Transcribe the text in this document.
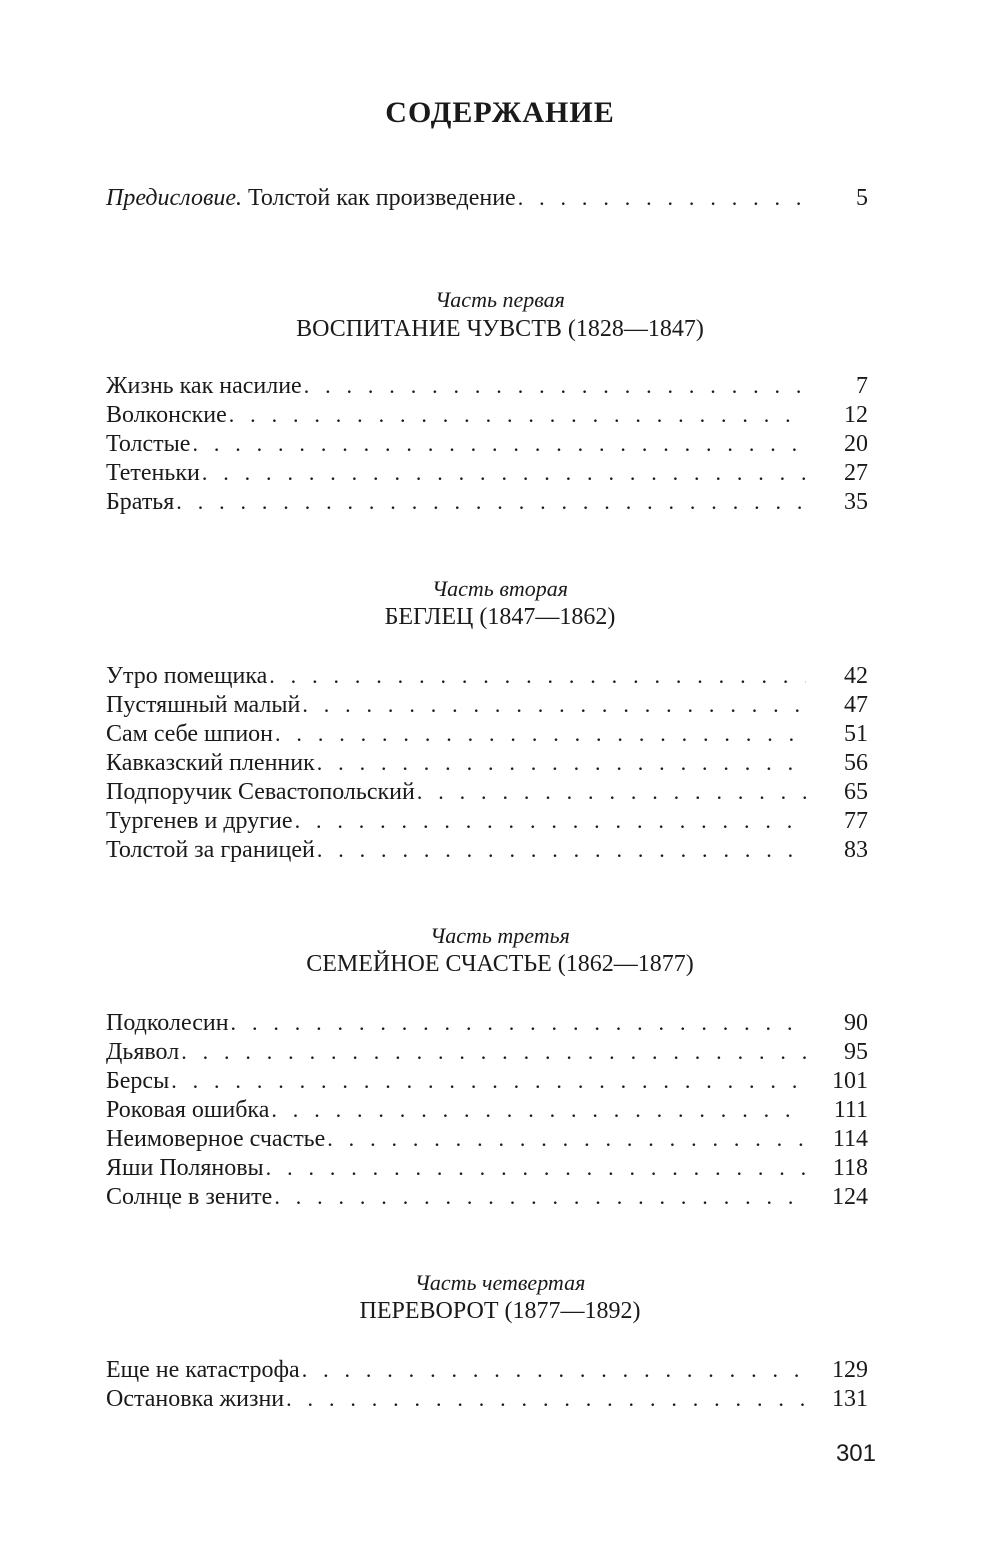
СОДЕРЖАНИЕ
Предисловие. Толстой как произведение . . .	5
Часть первая
ВОСПИТАНИЕ ЧУВСТВ (1828—1847)
Жизнь как насилие . . .	7
Волконские . . .	12
Толстые . . .	20
Тетеньки . . .	27
Братья . . .	35
Часть вторая
БЕГЛЕЦ (1847—1862)
Утро помещика . . .	42
Пустяшный малый . . .	47
Сам себе шпион . . .	51
Кавказский пленник . . .	56
Подпоручик Севастопольский . . .	65
Тургенев и другие . . .	77
Толстой за границей . . .	83
Часть третья
СЕМЕЙНОЕ СЧАСТЬЕ (1862—1877)
Подколесин . . .	90
Дьявол . . .	95
Берсы . . .	101
Роковая ошибка . . .	111
Неимоверное счастье . . .	114
Яши Поляновы . . .	118
Солнце в зените . . .	124
Часть четвертая
ПЕРЕВОРОТ (1877—1892)
Еще не катастрофа . . .	129
Остановка жизни . . .	131
301
